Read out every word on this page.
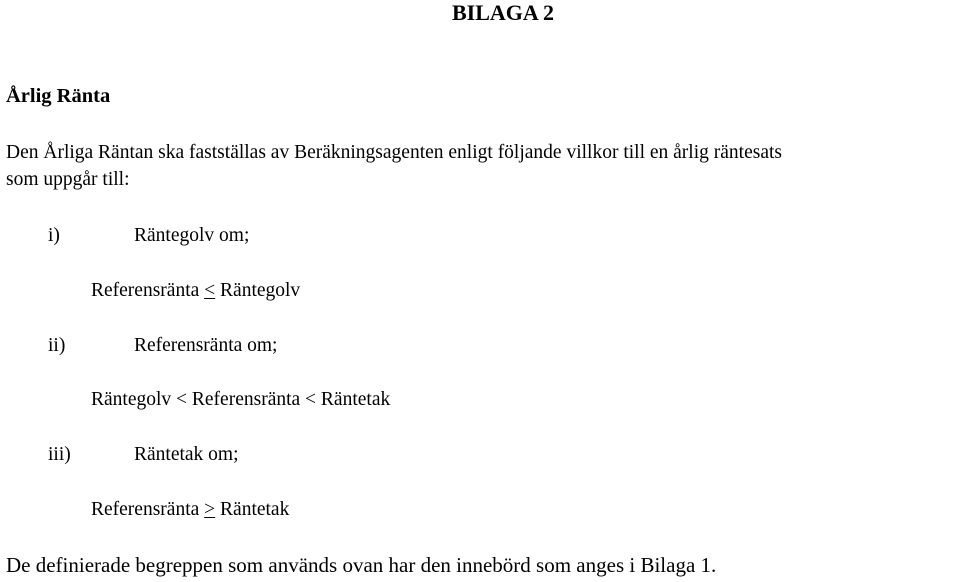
BILAGA 2
Årlig Ränta
Den Årliga Räntan ska fastställas av Beräkningsagenten enligt följande villkor till en årlig räntesats
som uppgår till:
i)	Räntegolv om;
Referensränta < Räntegolv
ii)	Referensränta om;
Räntegolv < Referensränta < Räntetak
iii)	Räntetak om;
Referensränta > Räntetak
De definierade begreppen som används ovan har den innebörd som anges i Bilaga 1.
